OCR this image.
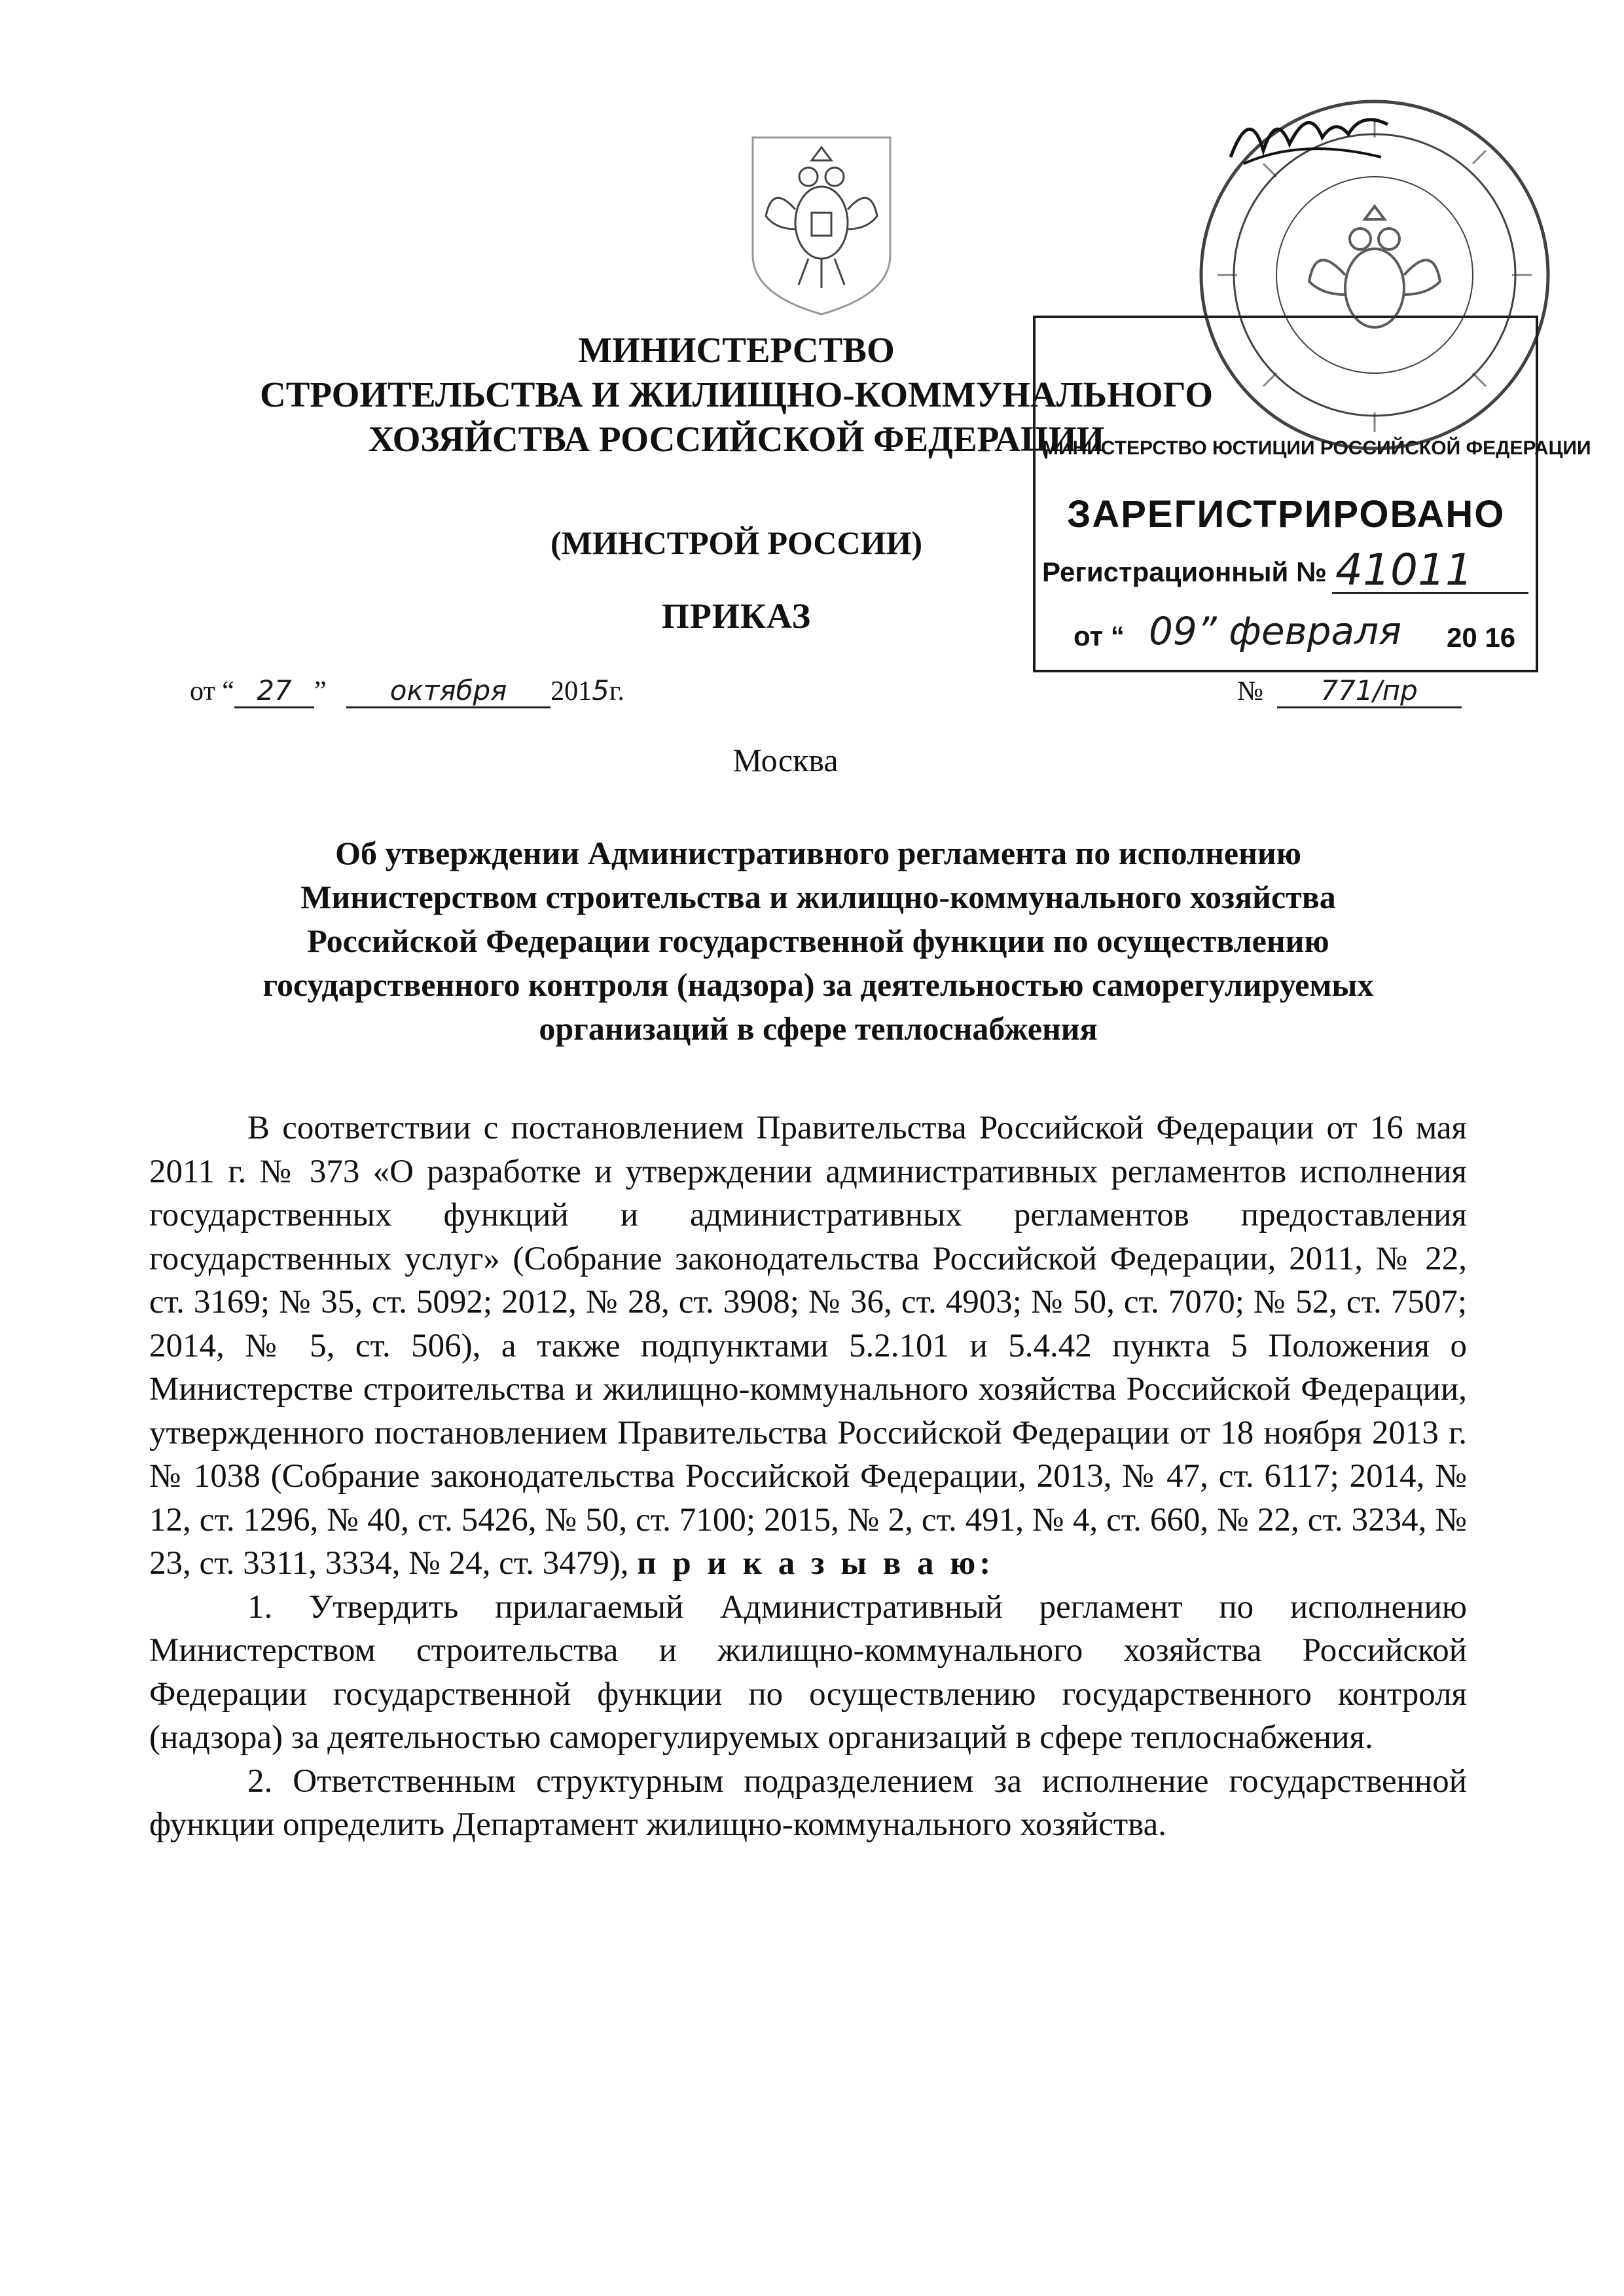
МИНИСТЕРСТВО
СТРОИТЕЛЬСТВА И ЖИЛИЩНО-КОММУНАЛЬНОГО
ХОЗЯЙСТВА РОССИЙСКОЙ ФЕДЕРАЦИИ
(МИНСТРОЙ РОССИИ)
ПРИКАЗ
от “ 27 ” октября 2015г.	№ 771/пр
Москва
Об утверждении Административного регламента по исполнению
Министерством строительства и жилищно-коммунального хозяйства
Российской Федерации государственной функции по осуществлению
государственного контроля (надзора) за деятельностью саморегулируемых
организаций в сфере теплоснабжения

В соответствии с постановлением Правительства Российской Федерации от 16 мая 2011 г. № 373 «О разработке и утверждении административных регламентов исполнения государственных функций и административных регламентов предоставления государственных услуг» (Собрание законодательства Российской Федерации, 2011, № 22, ст. 3169; № 35, ст. 5092; 2012, № 28, ст. 3908; № 36, ст. 4903; № 50, ст. 7070; № 52, ст. 7507; 2014, № 5, ст. 506), а также подпунктами 5.2.101 и 5.4.42 пункта 5 Положения о Министерстве строительства и жилищно-коммунального хозяйства Российской Федерации, утвержденного постановлением Правительства Российской Федерации от 18 ноября 2013 г. № 1038 (Собрание законодательства Российской Федерации, 2013, № 47, ст. 6117; 2014, № 12, ст. 1296, № 40, ст. 5426, № 50, ст. 7100; 2015, № 2, ст. 491, № 4, ст. 660, № 22, ст. 3234, № 23, ст. 3311, 3334, № 24, ст. 3479), п р и к а з ы в а ю:

1. Утвердить прилагаемый Административный регламент по исполнению Министерством строительства и жилищно-коммунального хозяйства Российской Федерации государственной функции по осуществлению государственного контроля (надзора) за деятельностью саморегулируемых организаций в сфере теплоснабжения.

2. Ответственным структурным подразделением за исполнение государственной функции определить Департамент жилищно-коммунального хозяйства.

МИНИСТЕРСТВО ЮСТИЦИИ РОССИЙСКОЙ ФЕДЕРАЦИИ
ЗАРЕГИСТРИРОВАНО
Регистрационный № 41011
от “ 09” февраля 20 16
